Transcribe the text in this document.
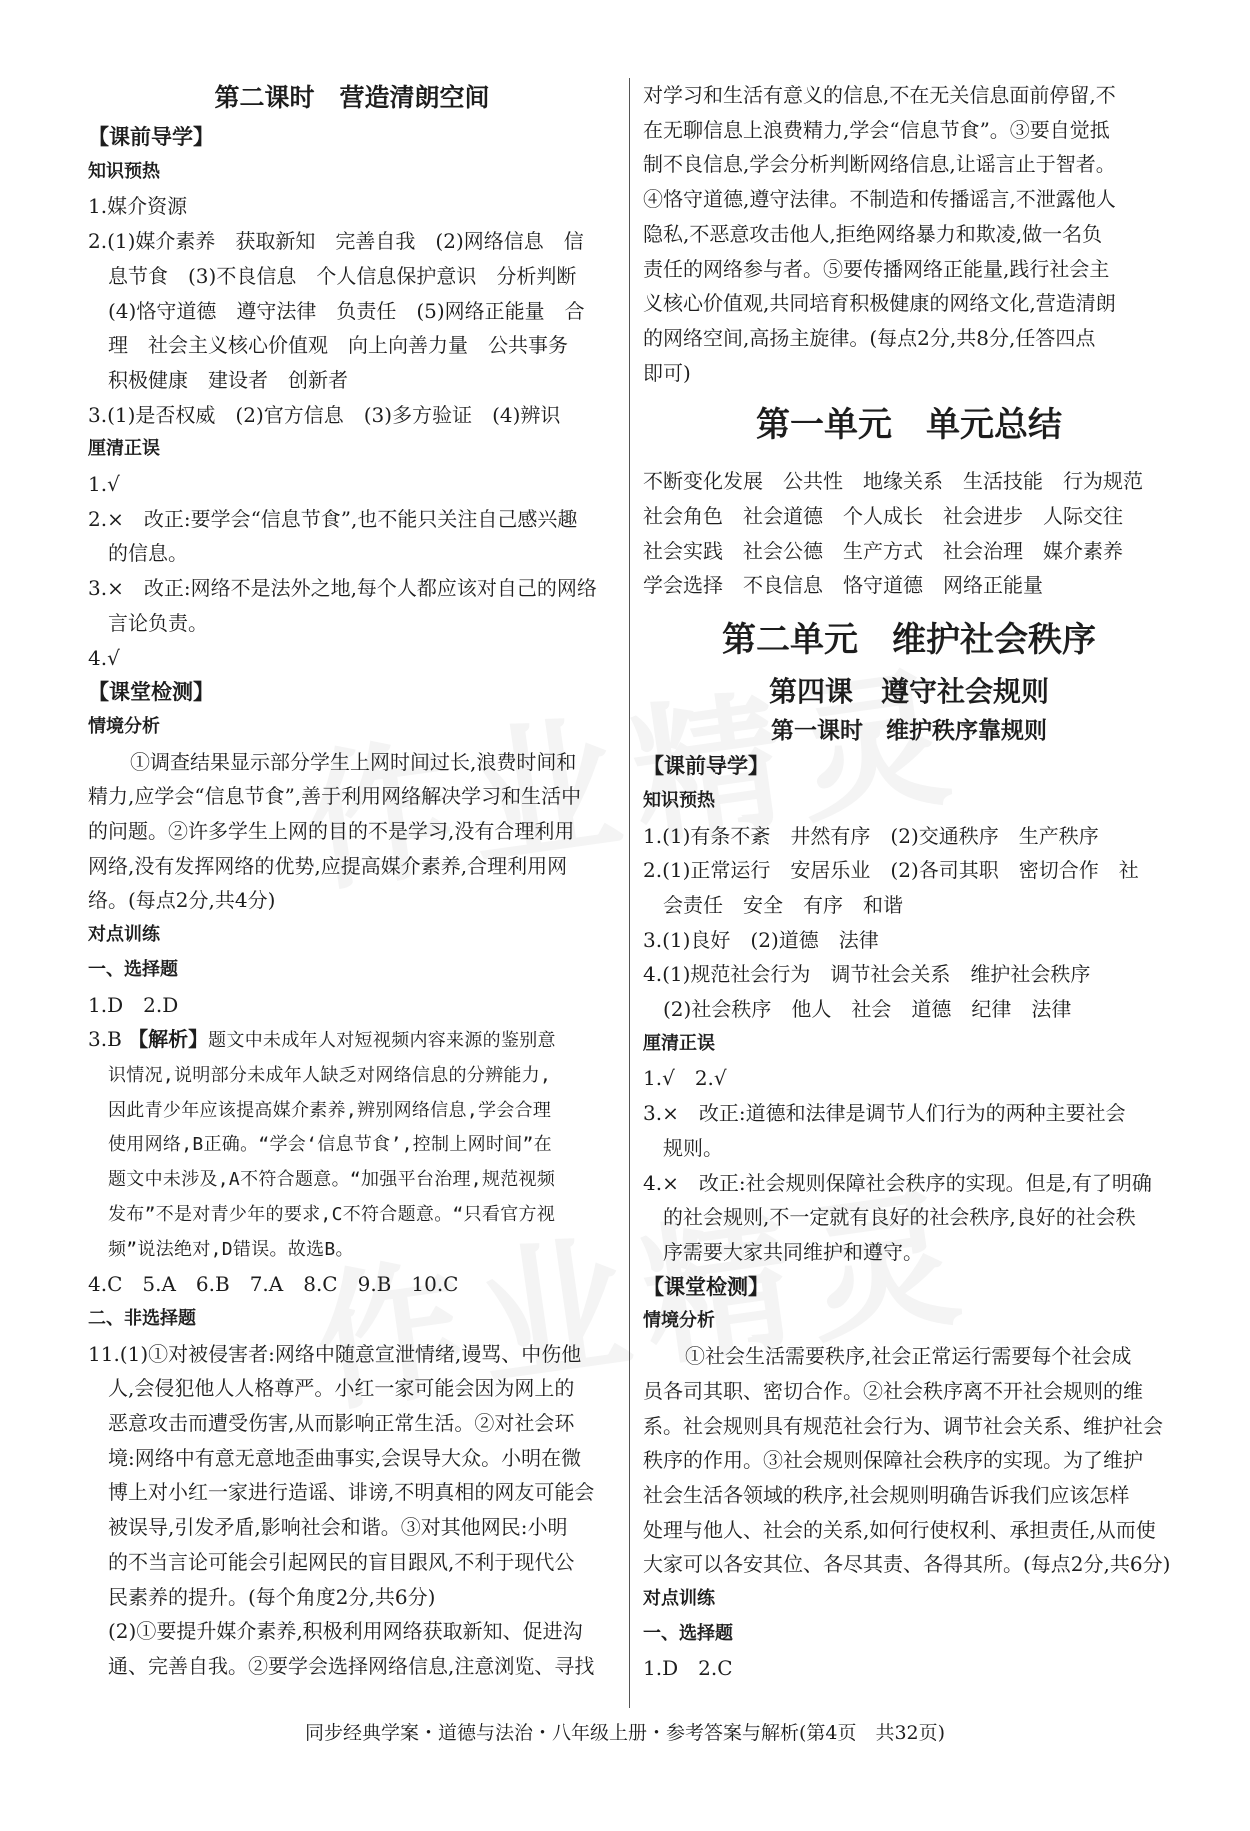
第二课时　营造清朗空间
【课前导学】
知识预热
1.媒介资源
2.(1)媒介素养　获取新知　完善自我　(2)网络信息　信
息节食　(3)不良信息　个人信息保护意识　分析判断
(4)恪守道德　遵守法律　负责任　(5)网络正能量　合
理　社会主义核心价值观　向上向善力量　公共事务
积极健康　建设者　创新者
3.(1)是否权威　(2)官方信息　(3)多方验证　(4)辨识
厘清正误
1.√
2.×　改正:要学会“信息节食”,也不能只关注自己感兴趣
的信息。
3.×　改正:网络不是法外之地,每个人都应该对自己的网络
言论负责。
4.√
【课堂检测】
情境分析
①调查结果显示部分学生上网时间过长,浪费时间和
精力,应学会“信息节食”,善于利用网络解决学习和生活中
的问题。②许多学生上网的目的不是学习,没有合理利用
网络,没有发挥网络的优势,应提高媒介素养,合理利用网
络。(每点2分,共4分)
对点训练
一、选择题
1.D　2.D
3.B 【解析】题文中未成年人对短视频内容来源的鉴别意
识情况,说明部分未成年人缺乏对网络信息的分辨能力,
因此青少年应该提高媒介素养,辨别网络信息,学会合理
使用网络,B正确。“学会‘信息节食’,控制上网时间”在
题文中未涉及,A不符合题意。“加强平台治理,规范视频
发布”不是对青少年的要求,C不符合题意。“只看官方视
频”说法绝对,D错误。故选B。
4.C　5.A　6.B　7.A　8.C　9.B　10.C
二、非选择题
11.(1)①对被侵害者:网络中随意宣泄情绪,谩骂、中伤他
人,会侵犯他人人格尊严。小红一家可能会因为网上的
恶意攻击而遭受伤害,从而影响正常生活。②对社会环
境:网络中有意无意地歪曲事实,会误导大众。小明在微
博上对小红一家进行造谣、诽谤,不明真相的网友可能会
被误导,引发矛盾,影响社会和谐。③对其他网民:小明
的不当言论可能会引起网民的盲目跟风,不利于现代公
民素养的提升。(每个角度2分,共6分)
(2)①要提升媒介素养,积极利用网络获取新知、促进沟
通、完善自我。②要学会选择网络信息,注意浏览、寻找
对学习和生活有意义的信息,不在无关信息面前停留,不
在无聊信息上浪费精力,学会“信息节食”。③要自觉抵
制不良信息,学会分析判断网络信息,让谣言止于智者。
④恪守道德,遵守法律。不制造和传播谣言,不泄露他人
隐私,不恶意攻击他人,拒绝网络暴力和欺凌,做一名负
责任的网络参与者。⑤要传播网络正能量,践行社会主
义核心价值观,共同培育积极健康的网络文化,营造清朗
的网络空间,高扬主旋律。(每点2分,共8分,任答四点
即可)
第一单元　单元总结
不断变化发展　公共性　地缘关系　生活技能　行为规范
社会角色　社会道德　个人成长　社会进步　人际交往
社会实践　社会公德　生产方式　社会治理　媒介素养
学会选择　不良信息　恪守道德　网络正能量
第二单元　维护社会秩序
第四课　遵守社会规则
第一课时　维护秩序靠规则
【课前导学】
知识预热
1.(1)有条不紊　井然有序　(2)交通秩序　生产秩序
2.(1)正常运行　安居乐业　(2)各司其职　密切合作　社
会责任　安全　有序　和谐
3.(1)良好　(2)道德　法律
4.(1)规范社会行为　调节社会关系　维护社会秩序
(2)社会秩序　他人　社会　道德　纪律　法律
厘清正误
1.√　2.√
3.×　改正:道德和法律是调节人们行为的两种主要社会
规则。
4.×　改正:社会规则保障社会秩序的实现。但是,有了明确
的社会规则,不一定就有良好的社会秩序,良好的社会秩
序需要大家共同维护和遵守。
【课堂检测】
情境分析
①社会生活需要秩序,社会正常运行需要每个社会成
员各司其职、密切合作。②社会秩序离不开社会规则的维
系。社会规则具有规范社会行为、调节社会关系、维护社会
秩序的作用。③社会规则保障社会秩序的实现。为了维护
社会生活各领域的秩序,社会规则明确告诉我们应该怎样
处理与他人、社会的关系,如何行使权利、承担责任,从而使
大家可以各安其位、各尽其责、各得其所。(每点2分,共6分)
对点训练
一、选择题
1.D　2.C
同步经典学案・道德与法治・八年级上册・参考答案与解析(第4页　共32页)
